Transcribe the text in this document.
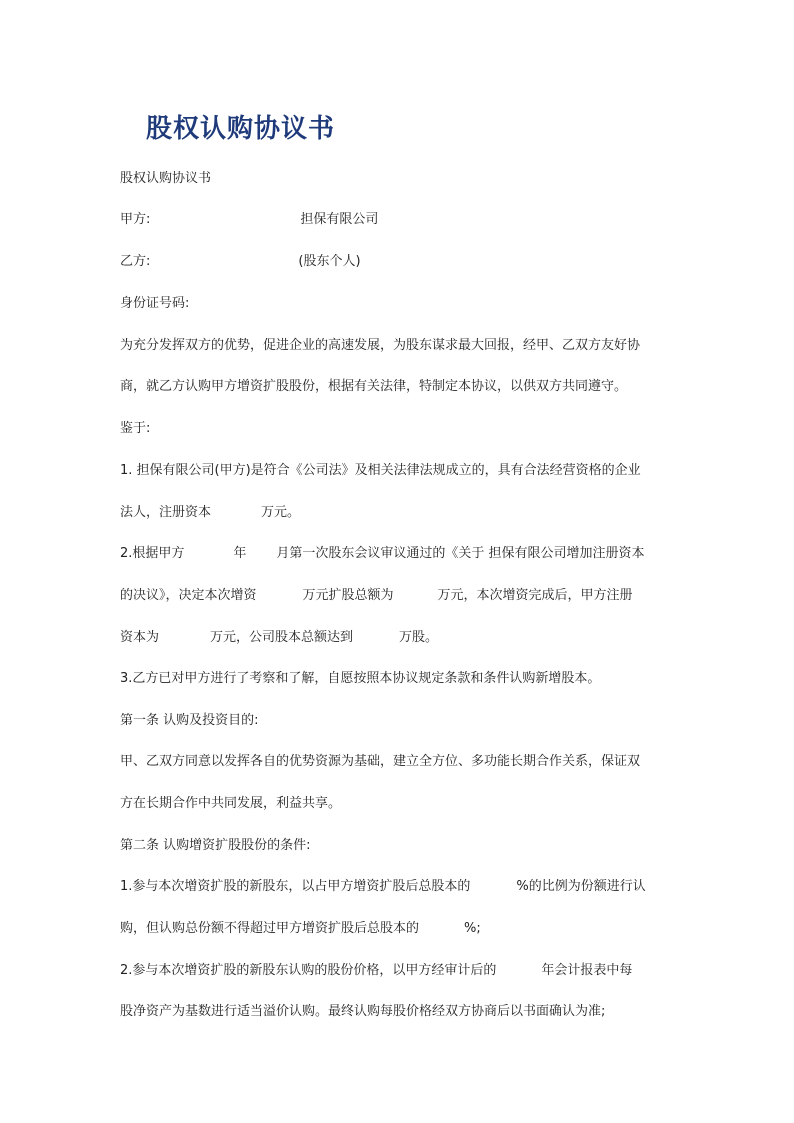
股权认购协议书
股权认购协议书
甲方:	担保有限公司
乙方:	(股东个人)
身份证号码:
为充分发挥双方的优势，促进企业的高速发展，为股东谋求最大回报，经甲、乙双方友好协
商，就乙方认购甲方增资扩股股份，根据有关法律，特制定本协议，以供双方共同遵守。
鉴于:
1. 担保有限公司(甲方)是符合《公司法》及相关法律法规成立的，具有合法经营资格的企业
法人，注册资本	万元。
2.根据甲方	年 月第一次股东会议审议通过的《关于 担保有限公司增加注册资本
的决议》，决定本次增资	万元扩股总额为	万元，本次增资完成后，甲方注册
资本为	万元，公司股本总额达到	万股。
3.乙方已对甲方进行了考察和了解，自愿按照本协议规定条款和条件认购新增股本。
第一条 认购及投资目的:
甲、乙双方同意以发挥各自的优势资源为基础，建立全方位、多功能长期合作关系，保证双
方在长期合作中共同发展，利益共享。
第二条 认购增资扩股股份的条件:
1.参与本次增资扩股的新股东，以占甲方增资扩股后总股本的	%的比例为份额进行认
购，但认购总份额不得超过甲方增资扩股后总股本的	%;
2.参与本次增资扩股的新股东认购的股份价格，以甲方经审计后的	年会计报表中每
股净资产为基数进行适当溢价认购。最终认购每股价格经双方协商后以书面确认为准;
